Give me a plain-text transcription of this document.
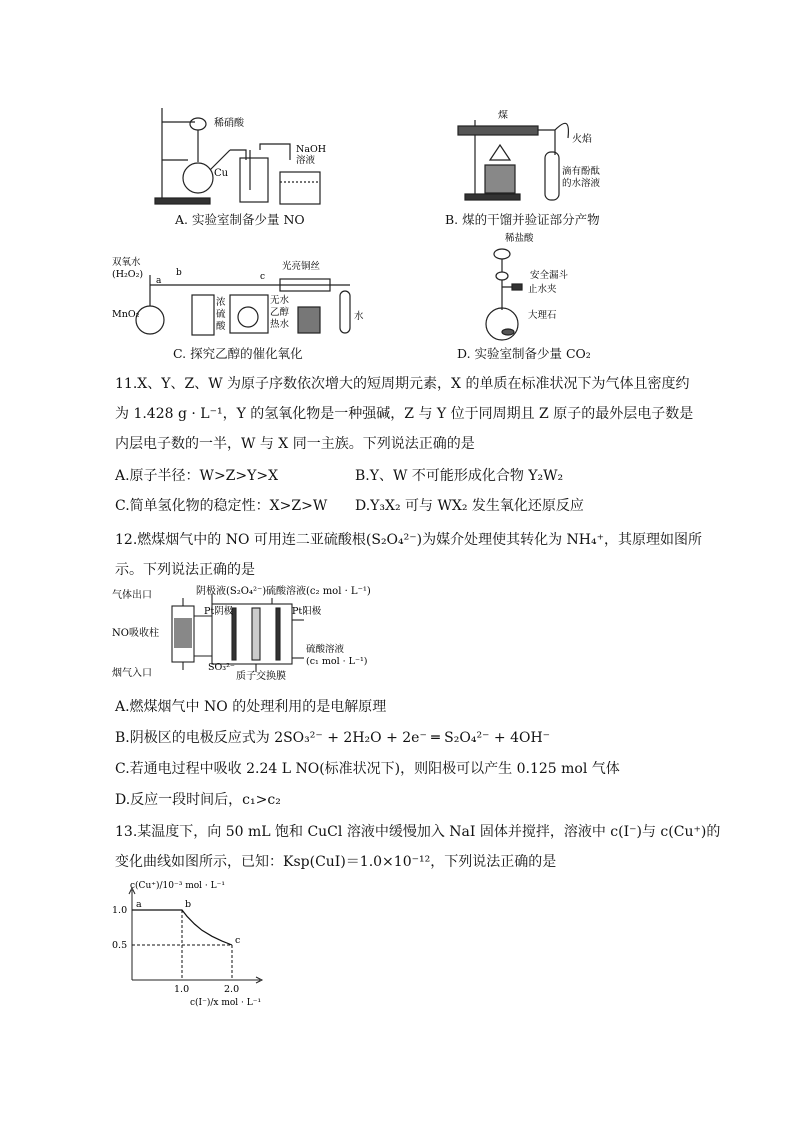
稀硝酸
Cu
NaOH
溶液
A. 实验室制备少量 NO
煤
火焰
滴有酚酞
的水溶液
B. 煤的干馏并验证部分产物
双氧水
(H₂O₂)
a
b	c
MnO₂
光亮铜丝
浓
硫
酸
无水
乙醇
热水
水
C. 探究乙醇的催化氧化
稀盐酸
安全漏斗
止水夹
大理石
D. 实验室制备少量 CO₂
11.X、Y、Z、W 为原子序数依次增大的短周期元素，X 的单质在标准状况下为气体且密度约
为 1.428 g · L⁻¹，Y 的氢氧化物是一种强碱，Z 与 Y 位于同周期且 Z 原子的最外层电子数是
内层电子数的一半，W 与 X 同一主族。下列说法正确的是
A.原子半径：W>Z>Y>X	B.Y、W 不可能形成化合物 Y₂W₂
C.简单氢化物的稳定性：X>Z>W D.Y₃X₂ 可与 WX₂ 发生氧化还原反应
12.燃煤烟气中的 NO 可用连二亚硫酸根(S₂O₄²⁻)为媒介处理使其转化为 NH₄⁺，其原理如图所
示。下列说法正确的是
气体出口	阴极液(S₂O₄²⁻) 硫酸溶液(c₂ mol · L⁻¹)
Pt阴极	Pt阳极
NO吸收柱
硫酸溶液
(c₁ mol · L⁻¹)
SO₃²⁻
烟气入口	质子交换膜
A.燃煤烟气中 NO 的处理利用的是电解原理
B.阴极区的电极反应式为 2SO₃²⁻ + 2H₂O + 2e⁻ ═ S₂O₄²⁻ + 4OH⁻
C.若通电过程中吸收 2.24 L NO(标准状况下)，则阳极可以产生 0.125 mol 气体
D.反应一段时间后，c₁>c₂
13.某温度下，向 50 mL 饱和 CuCl 溶液中缓慢加入 NaI 固体并搅拌，溶液中 c(I⁻)与 c(Cu⁺)的
变化曲线如图所示，已知：Ksp(CuI)＝1.0×10⁻¹²，下列说法正确的是
c(Cu⁺)/10⁻³ mol · L⁻¹
c(I⁻)/x mol · L⁻¹
1.0
0.5
1.0	2.0
a	b
c
